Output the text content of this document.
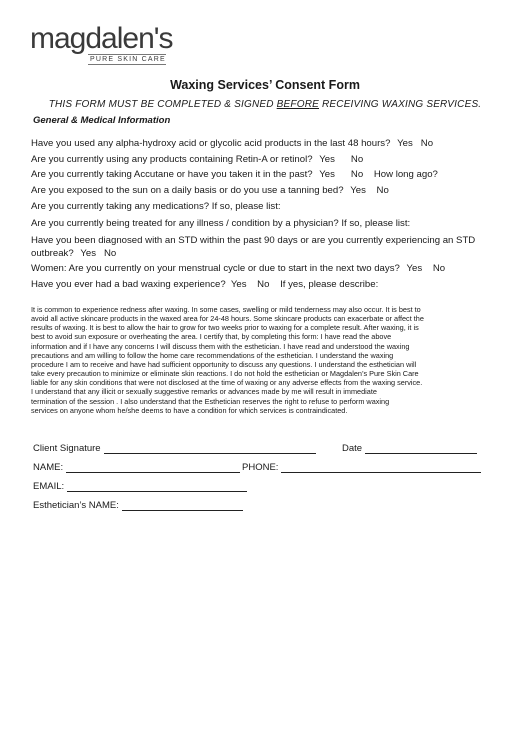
magdalen's
PURE SKIN CARE
Waxing Services’ Consent Form
THIS FORM MUST BE COMPLETED & SIGNED BEFORE RECEIVING WAXING SERVICES.
General & Medical Information
Have you used any alpha-hydroxy acid or glycolic acid products in the last 48 hours? Yes No
Are you currently using any products containing Retin-A or retinol? Yes No
Are you currently taking Accutane or have you taken it in the past? Yes No How long ago?
Are you exposed to the sun on a daily basis or do you use a tanning bed? Yes No
Are you currently taking any medications? If so, please list:
Are you currently being treated for any illness / condition by a physician? If so, please list:
Have you been diagnosed with an STD within the past 90 days or are you currently experiencing an STD
outbreak? Yes No
Women: Are you currently on your menstrual cycle or due to start in the next two days? Yes No
Have you ever had a bad waxing experience? Yes No If yes, please describe:
It is common to experience redness after waxing. In some cases, swelling or mild tenderness may also occur. It is best to
avoid all active skincare products in the waxed area for 24-48 hours. Some skincare products can exacerbate or affect the
results of waxing. It is best to allow the hair to grow for two weeks prior to waxing for a complete result. After waxing, it is
best to avoid sun exposure or overheating the area. I certify that, by completing this form: I have read the above
information and if I have any concerns I will discuss them with the esthetician. I have read and understood the waxing
precautions and am willing to follow the home care recommendations of the esthetician. I understand the waxing
procedure I am to receive and have had sufficient opportunity to discuss any questions. I understand the esthetician will
take every precaution to minimize or eliminate skin reactions. I do not hold the esthetician or Magdalen’s Pure Skin Care
liable for any skin conditions that were not disclosed at the time of waxing or any adverse effects from the waxing service.
I understand that any illicit or sexually suggestive remarks or advances made by me will result in immediate
termination of the session . I also understand that the Esthetician reserves the right to refuse to perform waxing
services on anyone whom he/she deems to have a condition for which services is contraindicated.
Client Signature	Date
NAME:	PHONE:
EMAIL:
Esthetician’s NAME:
